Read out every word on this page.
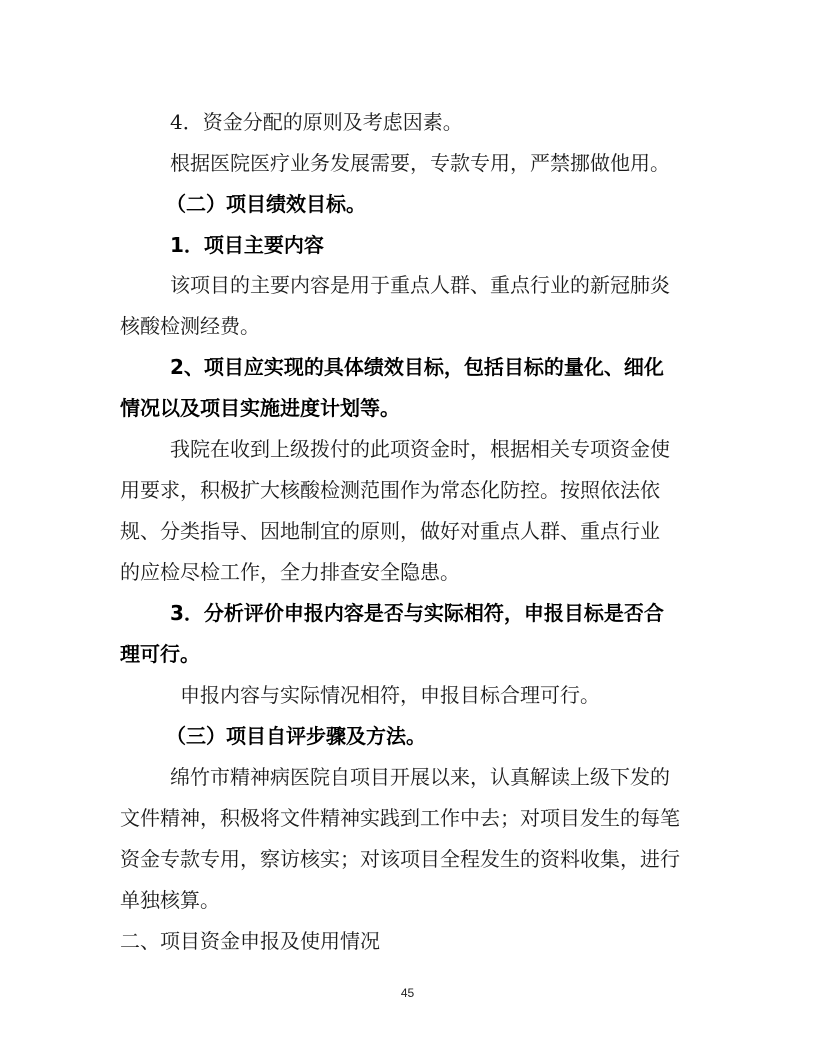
4．资金分配的原则及考虑因素。
根据医院医疗业务发展需要，专款专用，严禁挪做他用。
（二）项目绩效目标。
1．项目主要内容
该项目的主要内容是用于重点人群、重点行业的新冠肺炎
核酸检测经费。
2、项目应实现的具体绩效目标，包括目标的量化、细化
情况以及项目实施进度计划等。
我院在收到上级拨付的此项资金时，根据相关专项资金使
用要求，积极扩大核酸检测范围作为常态化防控。按照依法依
规、分类指导、因地制宜的原则，做好对重点人群、重点行业
的应检尽检工作，全力排查安全隐患。
3．分析评价申报内容是否与实际相符，申报目标是否合
理可行。
申报内容与实际情况相符，申报目标合理可行。
（三）项目自评步骤及方法。
绵竹市精神病医院自项目开展以来，认真解读上级下发的
文件精神，积极将文件精神实践到工作中去；对项目发生的每笔
资金专款专用，察访核实；对该项目全程发生的资料收集，进行
单独核算。
二、项目资金申报及使用情况
45
